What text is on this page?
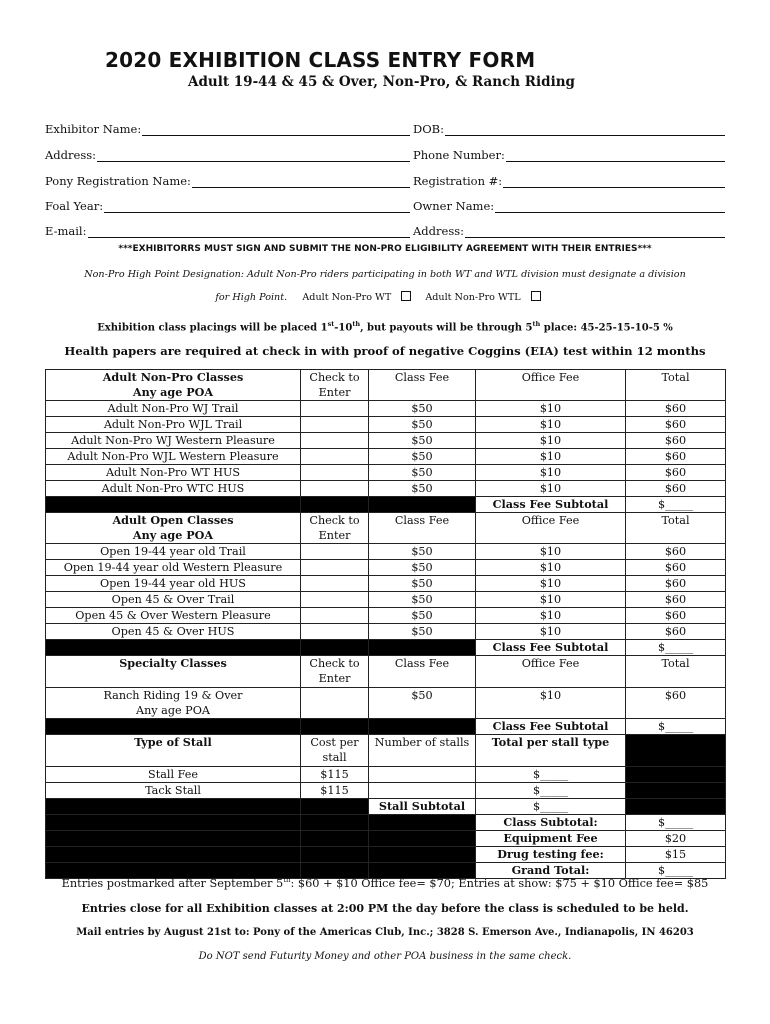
2020 EXHIBITION CLASS ENTRY FORM
Adult 19-44 & 45 & Over, Non-Pro, & Ranch Riding
Exhibitor Name:	DOB:
Address:	Phone Number:
Pony Registration Name:	Registration #:
Foal Year:	Owner Name:
E-mail:	Address:
***EXHIBITORRS MUST SIGN AND SUBMIT THE NON-PRO ELIGIBILITY AGREEMENT WITH THEIR ENTRIES***
Non-Pro High Point Designation: Adult Non-Pro riders participating in both WT and WTL division must designate a division
for High Point. Adult Non-Pro WT	Adult Non-Pro WTL
Exhibition class placings will be placed 1st-10th, but payouts will be through 5th place: 45-25-15-10-5 %
Health papers are required at check in with proof of negative Coggins (EIA) test within 12 months
Adult Non-Pro Classes
Any age POA	Check to Enter	Class Fee	Office Fee	Total
Adult Non-Pro WJ Trail		$50	$10	$60
Adult Non-Pro WJL Trail		$50	$10	$60
Adult Non-Pro WJ Western Pleasure		$50	$10	$60
Adult Non-Pro WJL Western Pleasure		$50	$10	$60
Adult Non-Pro WT HUS		$50	$10	$60
Adult Non-Pro WTC HUS		$50	$10	$60
			Class Fee Subtotal	$_____
Adult Open Classes
Any age POA	Check to Enter	Class Fee	Office Fee	Total
Open 19-44 year old Trail		$50	$10	$60
Open 19-44 year old Western Pleasure		$50	$10	$60
Open 19-44 year old HUS		$50	$10	$60
Open 45 & Over Trail		$50	$10	$60
Open 45 & Over Western Pleasure		$50	$10	$60
Open 45 & Over HUS		$50	$10	$60
			Class Fee Subtotal	$_____
Specialty Classes	Check to Enter	Class Fee	Office Fee	Total
Ranch Riding 19 & Over
Any age POA		$50	$10	$60
			Class Fee Subtotal	$_____
Type of Stall	Cost per stall	Number of stalls	Total per stall type	
Stall Fee	$115		$_____	
Tack Stall	$115		$_____	
		Stall Subtotal	$_____	
			Class Subtotal:	$_____
			Equipment Fee	$20
			Drug testing fee:	$15
			Grand Total:	$_____
Entries postmarked after September 5th: $60 + $10 Office fee= $70; Entries at show: $75 + $10 Office fee= $85
Entries close for all Exhibition classes at 2:00 PM the day before the class is scheduled to be held.
Mail entries by August 21st to: Pony of the Americas Club, Inc.; 3828 S. Emerson Ave., Indianapolis, IN 46203
Do NOT send Futurity Money and other POA business in the same check.
